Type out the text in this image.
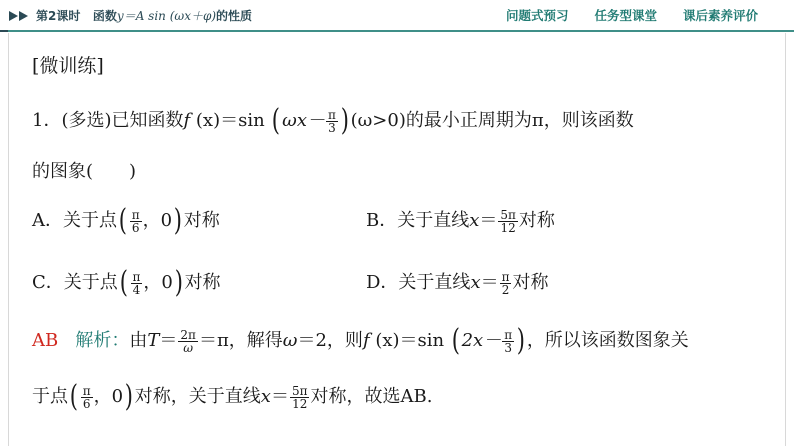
第2课时 函数y＝A sin (ωx＋φ)的性质	问题式预习 任务型课堂 课后素养评价
[微训练]
1．(多选)已知函数f (x)＝sin $(\omega x- \frac{\pi}{3} )(\omega>0)$的最小正周期为π，则该函数
的图象(　　)
A．关于点( $\frac{\pi}{6}$ ，0)对称	B．关于直线$x= \frac{5\pi}{12}$ 对称
C．关于点( $\frac{\pi}{4}$ ，0)对称	D．关于直线$x= \frac{\pi}{2}$ 对称
AB 解析：由$T= \frac{2\pi}{\omega} =\pi$，解得ω＝2，则f (x)＝sin ($2x- \frac{\pi}{3}$ )，所以该函数图象关
于点( $\frac{\pi}{6}$ ，0)对称，关于直线$x= \frac{5\pi}{12}$ 对称，故选AB.
